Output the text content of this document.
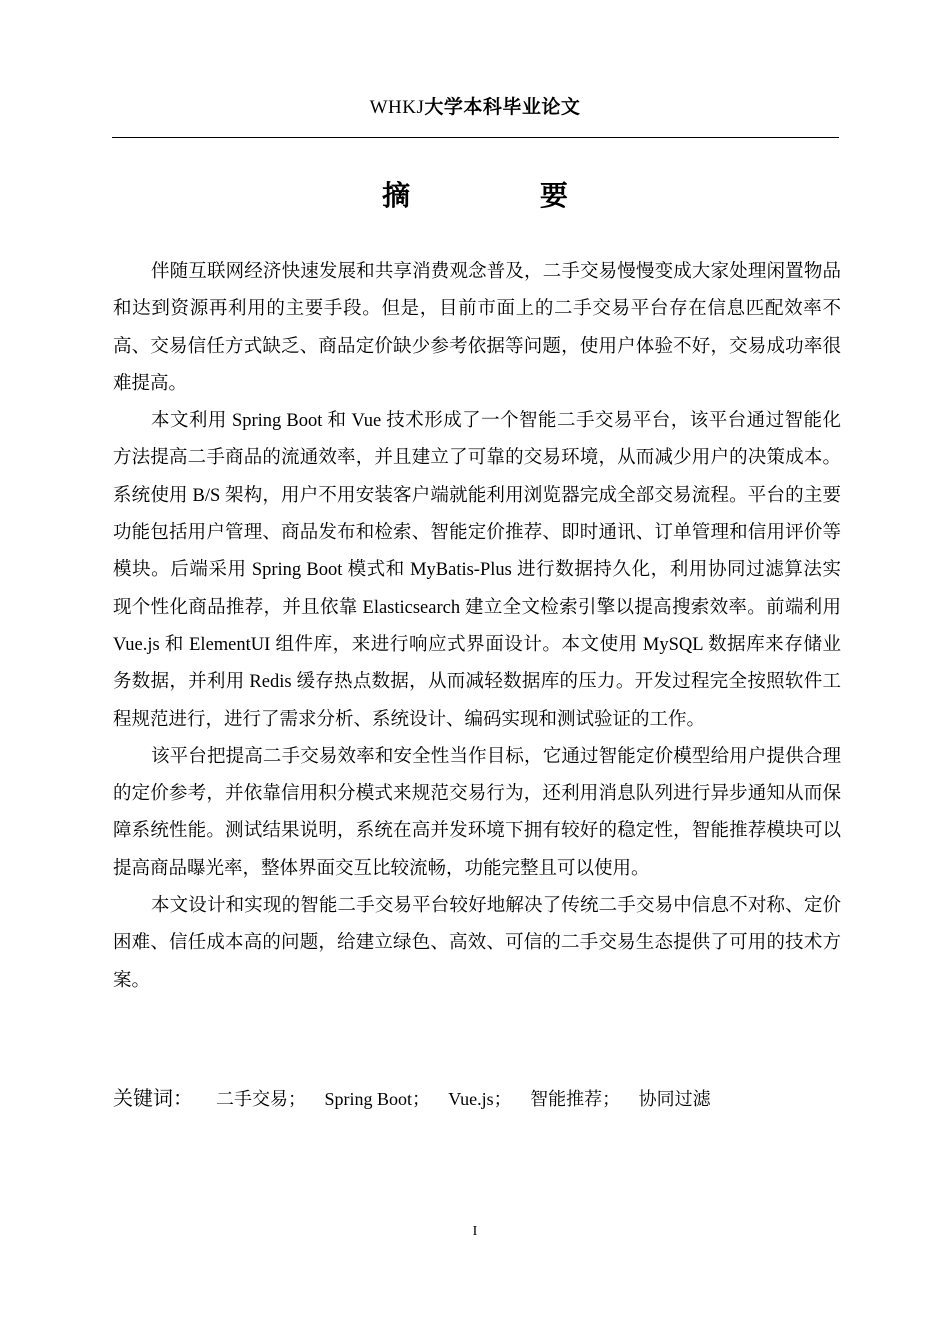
WHKJ大学本科毕业论文
摘 要

伴随互联网经济快速发展和共享消费观念普及，二手交易慢慢变成大家处理闲置物品和达到资源再利用的主要手段。但是，目前市面上的二手交易平台存在信息匹配效率不高、交易信任方式缺乏、商品定价缺少参考依据等问题，使用户体验不好，交易成功率很难提高。

本文利用 Spring Boot 和 Vue 技术形成了一个智能二手交易平台，该平台通过智能化方法提高二手商品的流通效率，并且建立了可靠的交易环境，从而减少用户的决策成本。系统使用 B/S 架构，用户不用安装客户端就能利用浏览器完成全部交易流程。平台的主要功能包括用户管理、商品发布和检索、智能定价推荐、即时通讯、订单管理和信用评价等模块。后端采用 Spring Boot 模式和 MyBatis-Plus 进行数据持久化，利用协同过滤算法实现个性化商品推荐，并且依靠 Elasticsearch 建立全文检索引擎以提高搜索效率。前端利用 Vue.js 和 ElementUI 组件库，来进行响应式界面设计。本文使用 MySQL 数据库来存储业务数据，并利用 Redis 缓存热点数据，从而减轻数据库的压力。开发过程完全按照软件工程规范进行，进行了需求分析、系统设计、编码实现和测试验证的工作。

该平台把提高二手交易效率和安全性当作目标，它通过智能定价模型给用户提供合理的定价参考，并依靠信用积分模式来规范交易行为，还利用消息队列进行异步通知从而保障系统性能。测试结果说明，系统在高并发环境下拥有较好的稳定性，智能推荐模块可以提高商品曝光率，整体界面交互比较流畅，功能完整且可以使用。

本文设计和实现的智能二手交易平台较好地解决了传统二手交易中信息不对称、定价困难、信任成本高的问题，给建立绿色、高效、可信的二手交易生态提供了可用的技术方案。

关键词： 二手交易； Spring Boot； Vue.js； 智能推荐； 协同过滤
I
